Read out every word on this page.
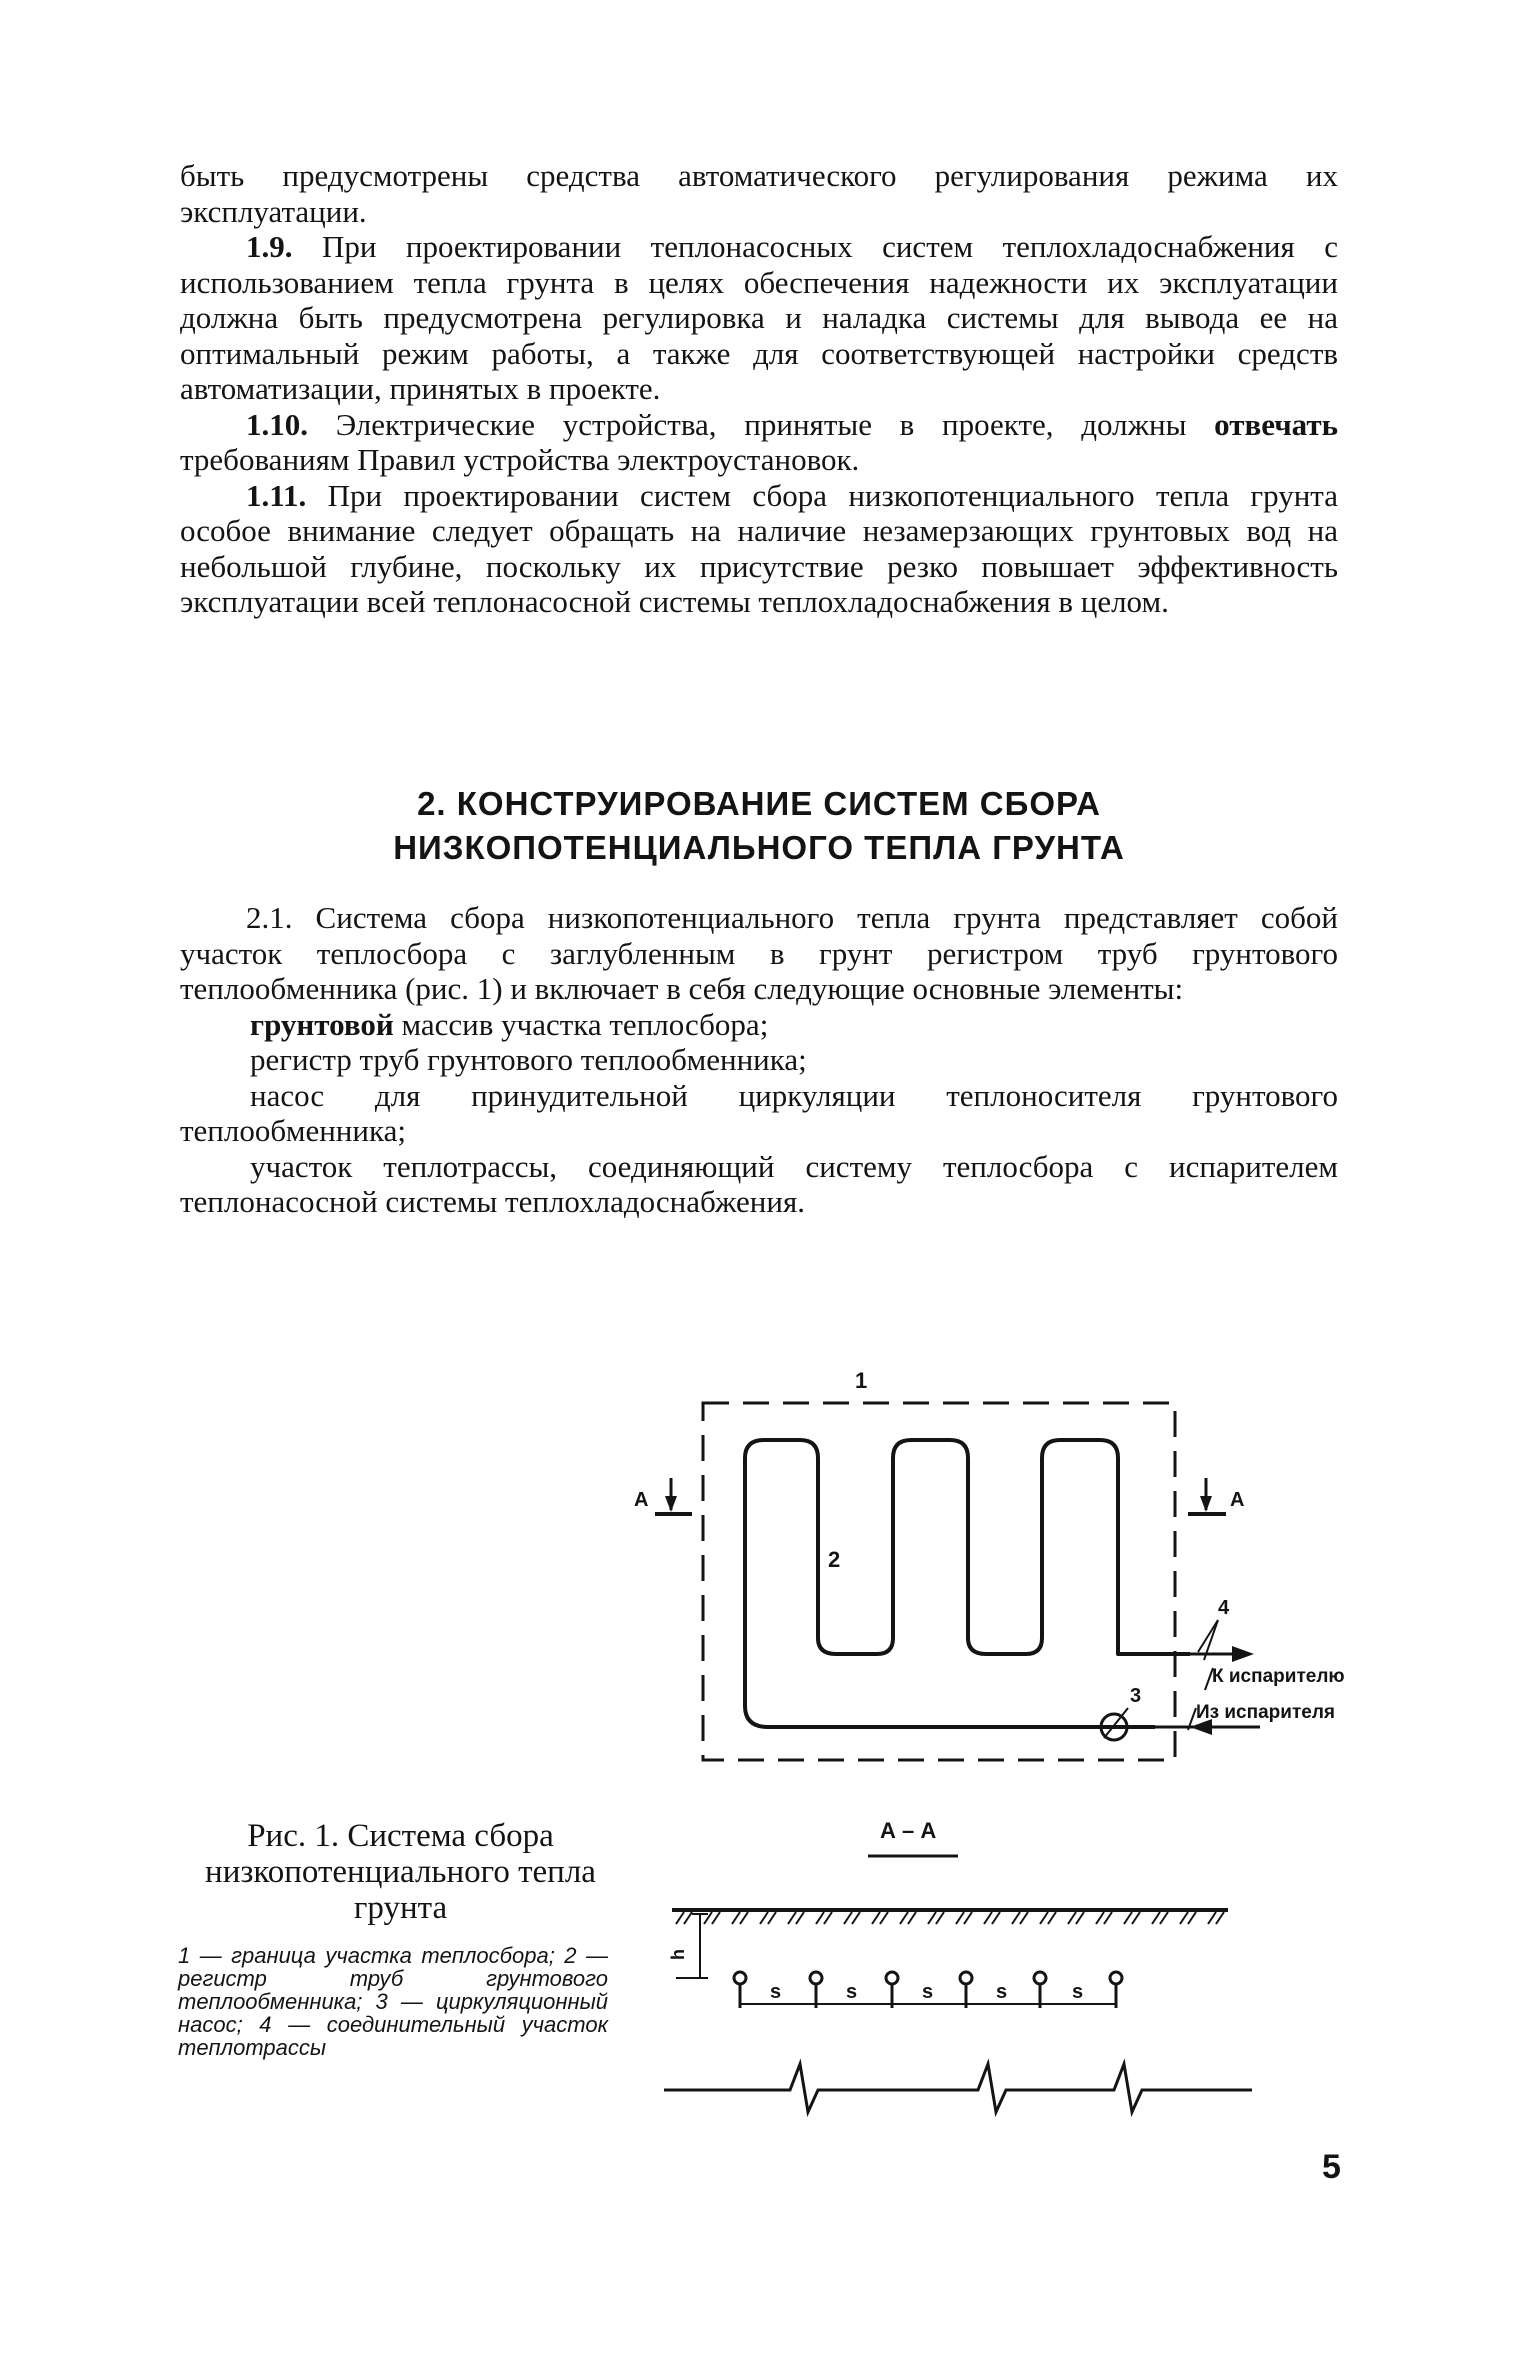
быть предусмотрены средства автоматического регулирования режима их эксплуатации.

1.9. При проектировании теплонасосных систем теплохладоснабжения с использованием тепла грунта в целях обеспечения надежности их эксплуатации должна быть предусмотрена регулировка и наладка системы для вывода ее на оптимальный режим работы, а также для соответствующей настройки средств автоматизации, принятых в проекте.

1.10. Электрические устройства, принятые в проекте, должны отвечать требованиям Правил устройства электроустановок.

1.11. При проектировании систем сбора низкопотенциального тепла грунта особое внимание следует обращать на наличие незамерзающих грунтовых вод на небольшой глубине, поскольку их присутствие резко повышает эффективность эксплуатации всей теплонасосной системы теплохладоснабжения в целом.

2. КОНСТРУИРОВАНИЕ СИСТЕМ СБОРА
НИЗКОПОТЕНЦИАЛЬНОГО ТЕПЛА ГРУНТА

2.1. Система сбора низкопотенциального тепла грунта представляет собой участок теплосбора с заглубленным в грунт регистром труб грунтового теплообменника (рис. 1) и включает в себя следующие основные элементы:

грунтовой массив участка теплосбора;

регистр труб грунтового теплообменника;

насос для принудительной циркуляции теплоносителя грунтового теплообменника;

участок теплотрассы, соединяющий систему теплосбора с испарителем теплонасосной системы теплохладоснабжения.

1
2
3
4
К испарителю
Из испарителя
А	А
А – А
h
s	s	s	s	s
Рис. 1. Система сбора низкопотенциального тепла грунта
1 — граница участка теплосбора; 2 — регистр труб грунтового теплообменника; 3 — циркуляционный насос; 4 — соединительный участок теплотрассы
5
